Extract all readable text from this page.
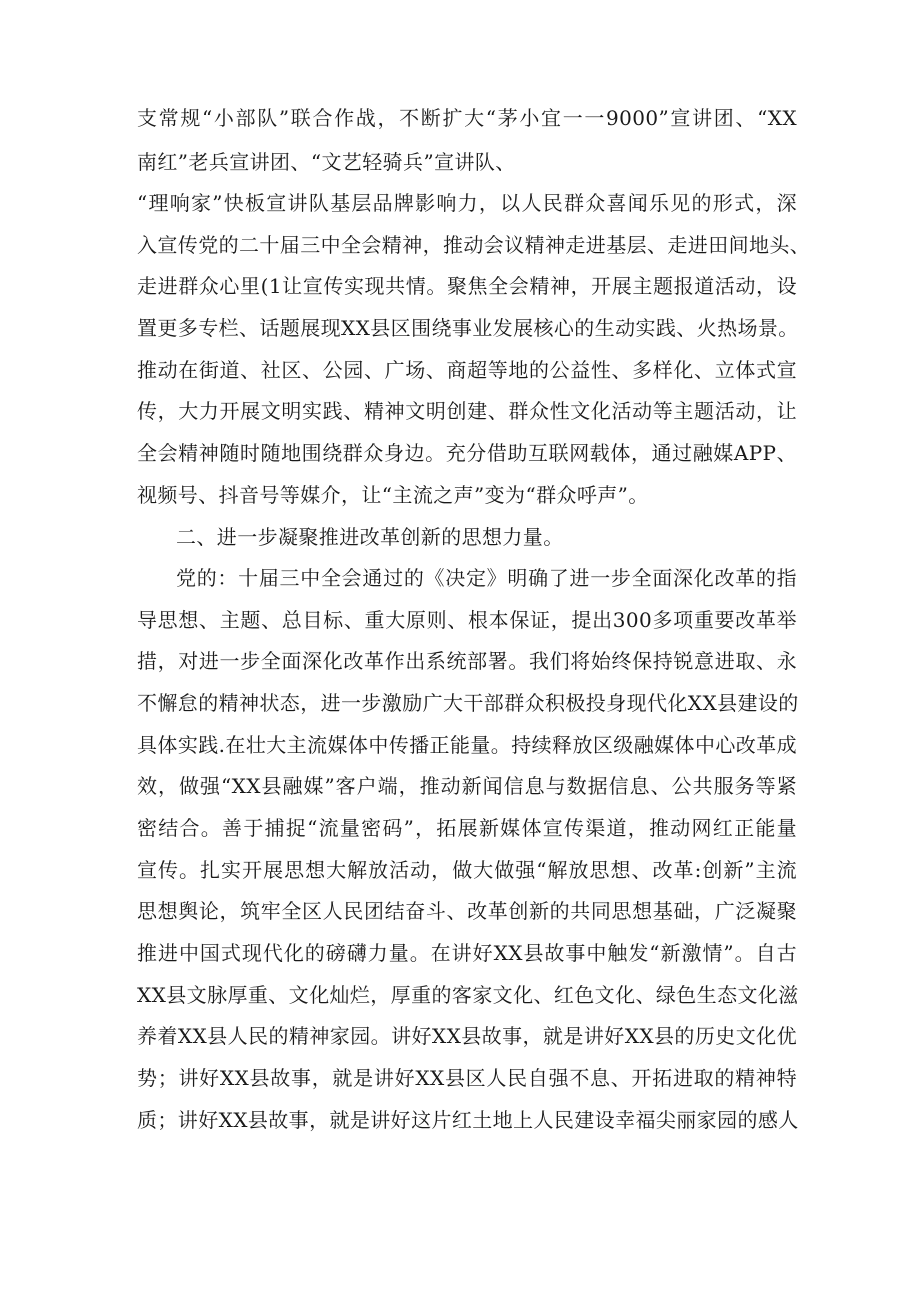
支常规“小部队”联合作战，不断扩大“茅小宜一一9000”宣讲团、“XX
南红”老兵宣讲团、“文艺轻骑兵”宣讲队、
“理响家”快板宣讲队基层品牌影响力，以人民群众喜闻乐见的形式，深
入宣传党的二十届三中全会精神，推动会议精神走进基层、走进田间地头、
走进群众心里(1让宣传实现共情。聚焦全会精神，开展主题报道活动，设
置更多专栏、话题展现XX县区围绕事业发展核心的生动实践、火热场景。
推动在街道、社区、公园、广场、商超等地的公益性、多样化、立体式宣
传，大力开展文明实践、精神文明创建、群众性文化活动等主题活动，让
全会精神随时随地围绕群众身边。充分借助互联网载体，通过融媒APP、
视频号、抖音号等媒介，让“主流之声”变为“群众呼声”。
二、进一步凝聚推进改革创新的思想力量。
党的：十届三中全会通过的《决定》明确了进一步全面深化改革的指
导思想、主题、总目标、重大原则、根本保证，提出300多项重要改革举
措，对进一步全面深化改革作出系统部署。我们将始终保持锐意进取、永
不懈怠的精神状态，进一步激励广大干部群众积极投身现代化XX县建设的
具体实践.在壮大主流媒体中传播正能量。持续释放区级融媒体中心改革成
效，做强“XX县融媒”客户端，推动新闻信息与数据信息、公共服务等紧
密结合。善于捕捉“流量密码”，拓展新媒体宣传渠道，推动网红正能量
宣传。扎实开展思想大解放活动，做大做强“解放思想、改革:创新”主流
思想舆论，筑牢全区人民团结奋斗、改革创新的共同思想基础，广泛凝聚
推进中国式现代化的磅礴力量。在讲好XX县故事中触发“新激情”。自古
XX县文脉厚重、文化灿烂，厚重的客家文化、红色文化、绿色生态文化滋
养着XX县人民的精神家园。讲好XX县故事，就是讲好XX县的历史文化优
势；讲好XX县故事，就是讲好XX县区人民自强不息、开拓进取的精神特
质；讲好XX县故事，就是讲好这片红土地上人民建设幸福尖丽家园的感人
